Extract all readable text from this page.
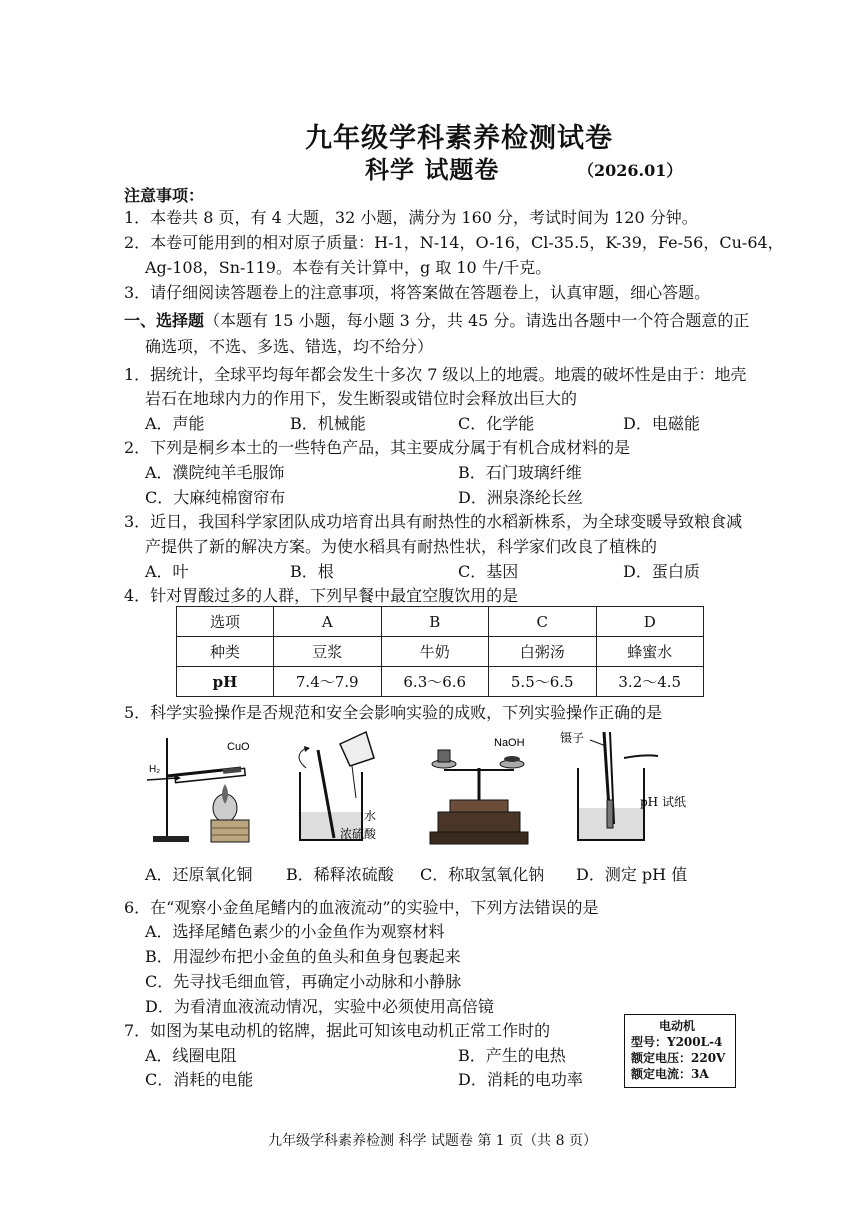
九年级学科素养检测试卷
科学 试题卷	（2026.01）
注意事项：
1．本卷共 8 页，有 4 大题，32 小题，满分为 160 分，考试时间为 120 分钟。
2．本卷可能用到的相对原子质量：H-1，N-14，O-16，Cl-35.5，K-39，Fe-56，Cu-64，
Ag-108，Sn-119。本卷有关计算中，g 取 10 牛/千克。
3．请仔细阅读答题卷上的注意事项，将答案做在答题卷上，认真审题，细心答题。
一、选择题（本题有 15 小题，每小题 3 分，共 45 分。请选出各题中一个符合题意的正
确选项，不选、多选、错选，均不给分）
1．据统计，全球平均每年都会发生十多次 7 级以上的地震。地震的破坏性是由于：地壳
岩石在地球内力的作用下，发生断裂或错位时会释放出巨大的
A．声能	B．机械能	C．化学能	D．电磁能
2．下列是桐乡本土的一些特色产品，其主要成分属于有机合成材料的是
A．濮院纯羊毛服饰	B．石门玻璃纤维
C．大麻纯棉窗帘布	D．洲泉涤纶长丝
3．近日，我国科学家团队成功培育出具有耐热性的水稻新株系，为全球变暖导致粮食减
产提供了新的解决方案。为使水稻具有耐热性状，科学家们改良了植株的
A．叶	B．根	C．基因	D．蛋白质
4．针对胃酸过多的人群，下列早餐中最宜空腹饮用的是
选项	A	B	C	D
种类	豆浆	牛奶	白粥汤	蜂蜜水
pH	7.4～7.9	6.3～6.6	5.5～6.5	3.2～4.5
5．科学实验操作是否规范和安全会影响实验的成败，下列实验操作正确的是
CuO
H₂
水
浓硫酸
NaOH	镊子
pH 试纸
A．还原氧化铜 B．稀释浓硫酸 C．称取氢氧化钠 D．测定 pH 值
6．在“观察小金鱼尾鳍内的血液流动”的实验中，下列方法错误的是
A．选择尾鳍色素少的小金鱼作为观察材料
B．用湿纱布把小金鱼的鱼头和鱼身包裹起来
C．先寻找毛细血管，再确定小动脉和小静脉
D．为看清血液流动情况，实验中必须使用高倍镜
7．如图为某电动机的铭牌，据此可知该电动机正常工作时的
A．线圈电阻	B．产生的电热
C．消耗的电能	D．消耗的电功率
电动机
型号：Y200L-4
额定电压：220V
额定电流：3A
九年级学科素养检测 科学 试题卷 第 1 页（共 8 页）
